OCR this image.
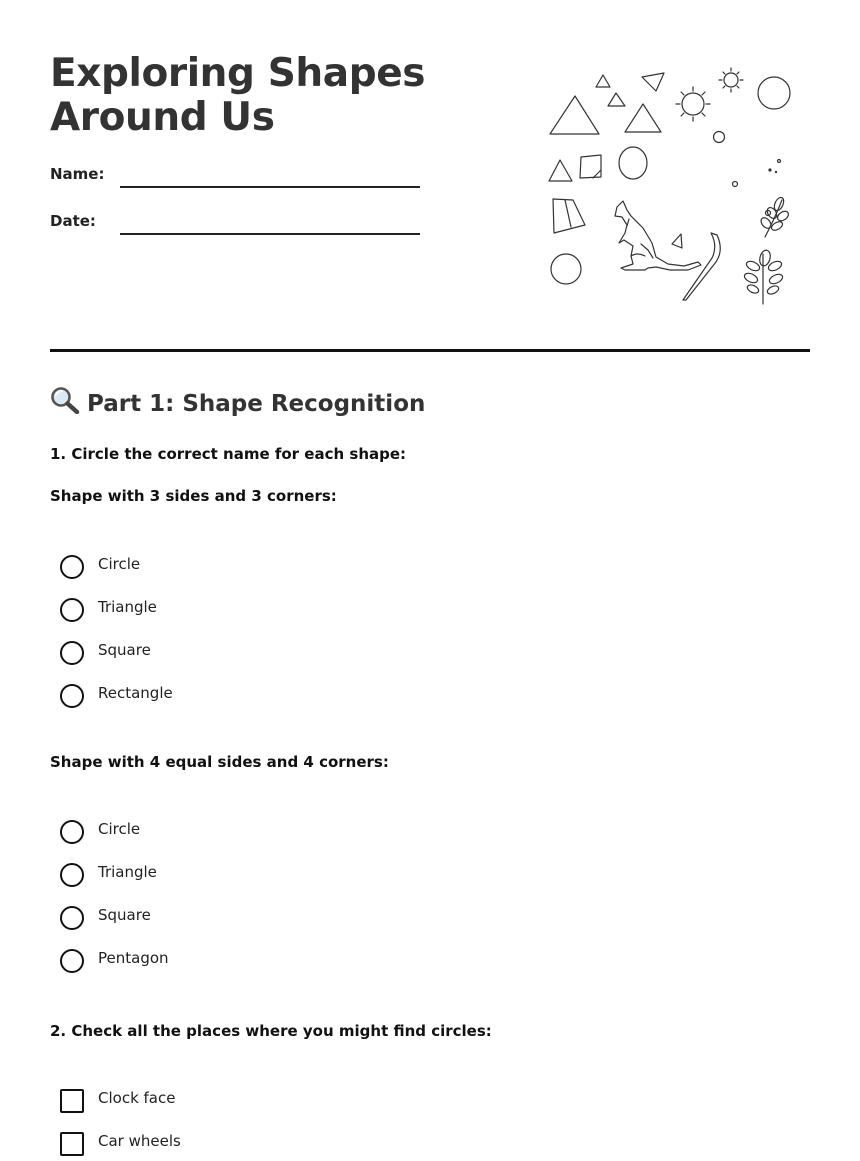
Exploring Shapes
Around Us
Name:
Date:
Part 1: Shape Recognition
1. Circle the correct name for each shape:
Shape with 3 sides and 3 corners:
Circle
Triangle
Square
Rectangle
Shape with 4 equal sides and 4 corners:
Circle
Triangle
Square
Pentagon
2. Check all the places where you might find circles:
Clock face
Car wheels
